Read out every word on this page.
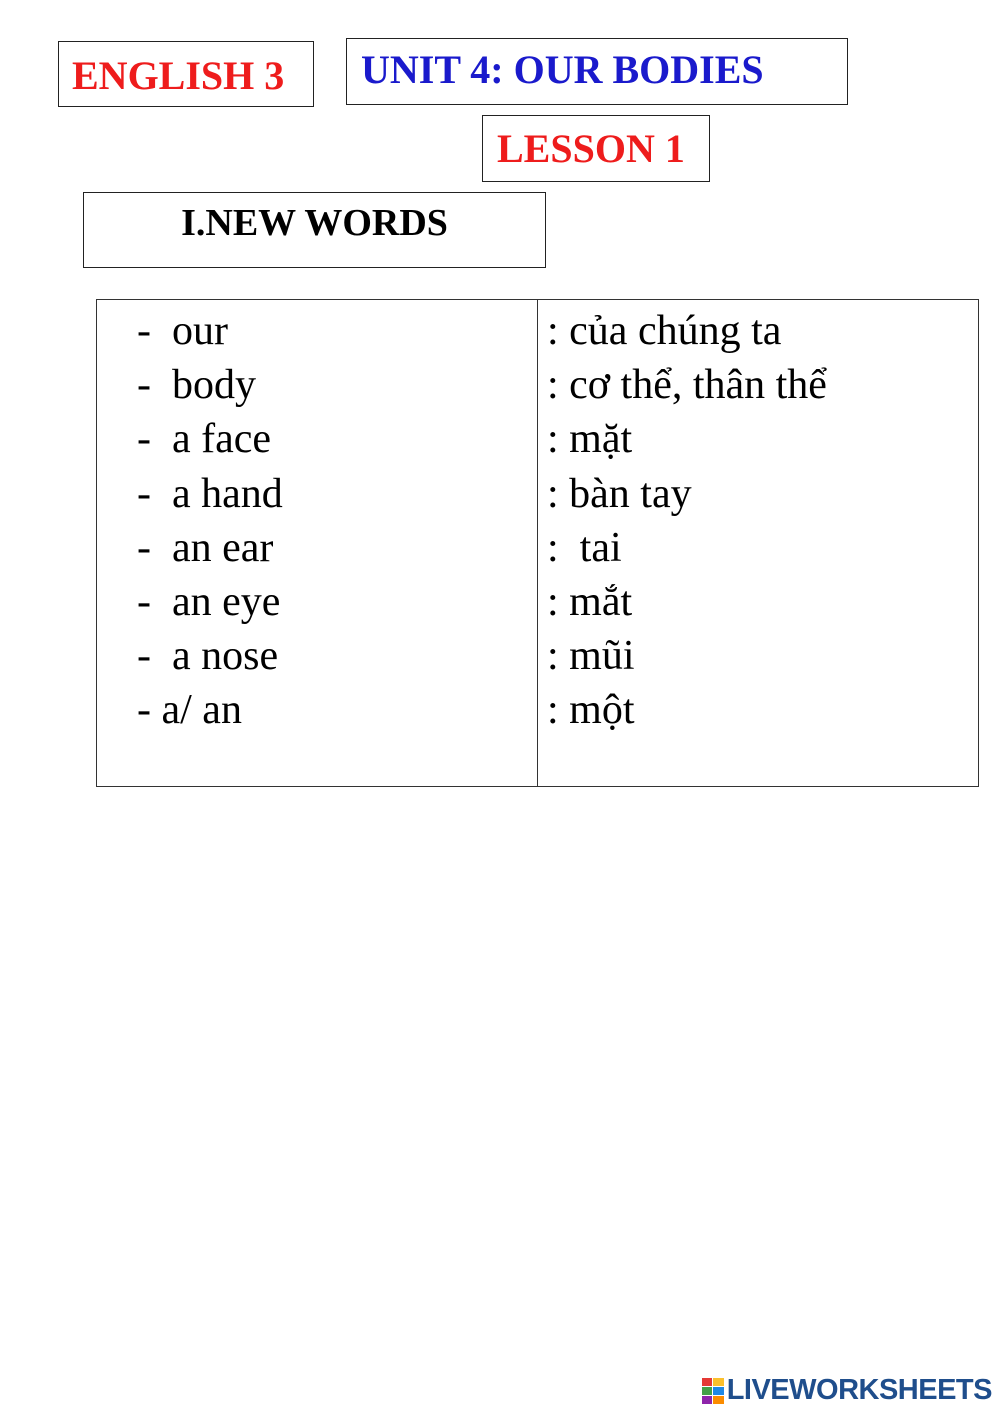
ENGLISH 3 UNIT 4: OUR BODIES
LESSON 1
I.NEW WORDS
-  our
-  body
-  a face
-  a hand
-  an ear
-  an eye
-  a nose
- a/ an
: của chúng ta
: cơ thể, thân thể
: mặt
: bàn tay
:  tai
: mắt
: mũi
: một
LIVEWORKSHEETS
